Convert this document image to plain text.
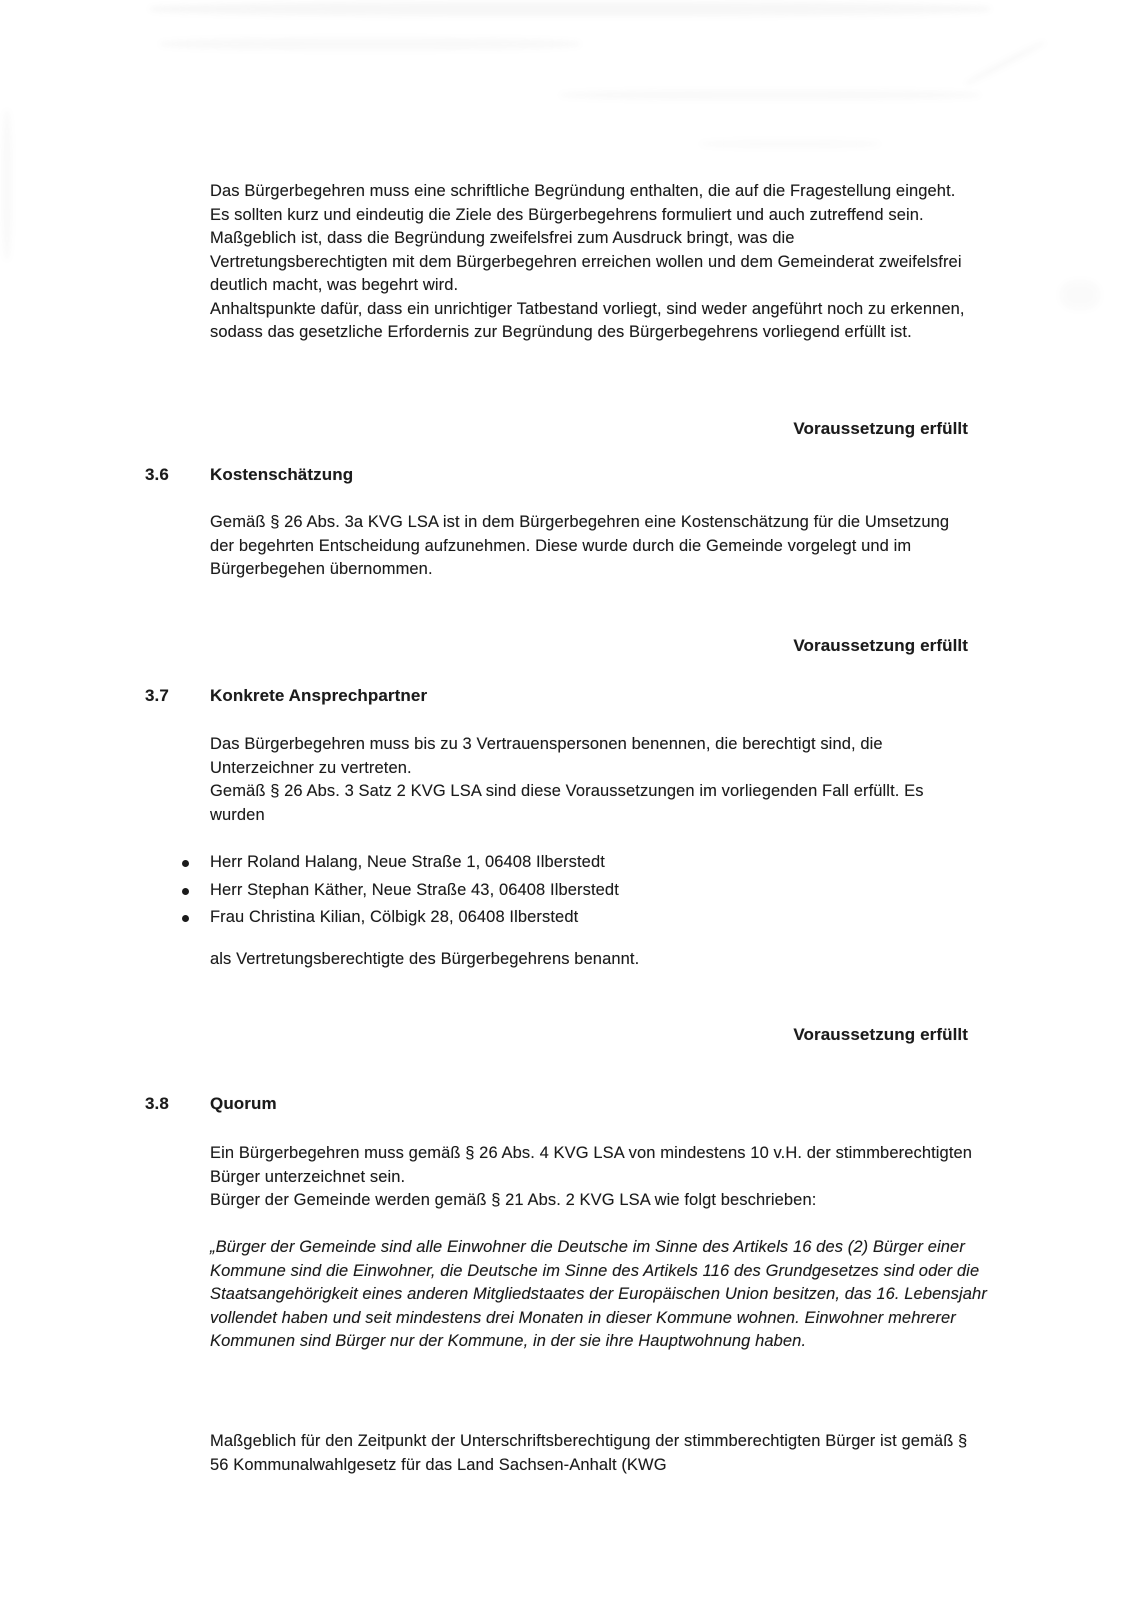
Das Bürgerbegehren muss eine schriftliche Begründung enthalten, die auf die Fragestellung eingeht.
Es sollten kurz und eindeutig die Ziele des Bürgerbegehrens formuliert und auch zutreffend sein. Maßgeblich ist, dass die Begründung zweifelsfrei zum Ausdruck bringt, was die Vertretungsberechtigten mit dem Bürgerbegehren erreichen wollen und dem Gemeinderat zweifelsfrei deutlich macht, was begehrt wird.
Anhaltspunkte dafür, dass ein unrichtiger Tatbestand vorliegt, sind weder angeführt noch zu erkennen, sodass das gesetzliche Erfordernis zur Begründung des Bürgerbegehrens vorliegend erfüllt ist.
Voraussetzung erfüllt
3.6 Kostenschätzung
Gemäß § 26 Abs. 3a KVG LSA ist in dem Bürgerbegehren eine Kostenschätzung für die Umsetzung der begehrten Entscheidung aufzunehmen. Diese wurde durch die Gemeinde vorgelegt und im Bürgerbegehen übernommen.
Voraussetzung erfüllt
3.7 Konkrete Ansprechpartner
Das Bürgerbegehren muss bis zu 3 Vertrauenspersonen benennen, die berechtigt sind, die Unterzeichner zu vertreten.
Gemäß § 26 Abs. 3 Satz 2 KVG LSA sind diese Voraussetzungen im vorliegenden Fall erfüllt. Es wurden
Herr Roland Halang, Neue Straße 1, 06408 Ilberstedt
Herr Stephan Käther, Neue Straße 43, 06408 Ilberstedt
Frau Christina Kilian, Cölbigk 28, 06408 Ilberstedt
als Vertretungsberechtigte des Bürgerbegehrens benannt.
Voraussetzung erfüllt
3.8 Quorum
Ein Bürgerbegehren muss gemäß § 26 Abs. 4 KVG LSA von mindestens 10 v.H. der stimmberechtigten Bürger unterzeichnet sein.
Bürger der Gemeinde werden gemäß § 21 Abs. 2 KVG LSA wie folgt beschrieben:
„Bürger der Gemeinde sind alle Einwohner die Deutsche im Sinne des Artikels 16 des (2) Bürger einer Kommune sind die Einwohner, die Deutsche im Sinne des Artikels 116 des Grundgesetzes sind oder die Staatsangehörigkeit eines anderen Mitgliedstaates der Europäischen Union besitzen, das 16. Lebensjahr vollendet haben und seit mindestens drei Monaten in dieser Kommune wohnen. Einwohner mehrerer Kommunen sind Bürger nur der Kommune, in der sie ihre Hauptwohnung haben.
Maßgeblich für den Zeitpunkt der Unterschriftsberechtigung der stimmberechtigten Bürger ist gemäß § 56 Kommunalwahlgesetz für das Land Sachsen-Anhalt (KWG
